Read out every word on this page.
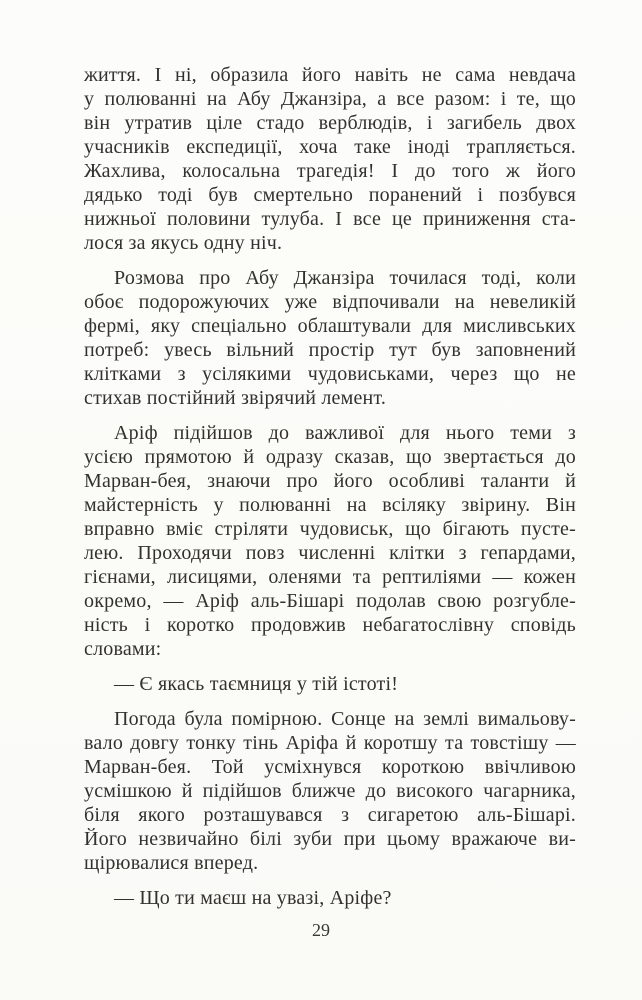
життя. І ні, образила його навіть не сама невдача
у полюванні на Абу Джанзіра, а все разом: і те, що
він утратив ціле стадо верблюдів, і загибель двох
учасників експедиції, хоча таке іноді трапляється.
Жахлива, колосальна трагедія! І до того ж його
дядько тоді був смертельно поранений і позбувся
нижньої половини тулуба. І все це приниження ста-
лося за якусь одну ніч.
Розмова про Абу Джанзіра точилася тоді, коли
обоє подорожуючих уже відпочивали на невеликій
фермі, яку спеціально облаштували для мисливських
потреб: увесь вільний простір тут був заповнений
клітками з усілякими чудовиськами, через що не
стихав постійний звірячий лемент.
Аріф підійшов до важливої для нього теми з
усією прямотою й одразу сказав, що звертається до
Марван-бея, знаючи про його особливі таланти й
майстерність у полюванні на всіляку звірину. Він
вправно вміє стріляти чудовиськ, що бігають пусте-
лею. Проходячи повз численні клітки з гепардами,
гієнами, лисицями, оленями та рептиліями — кожен
окремо, — Аріф аль-Бішарі подолав свою розгубле-
ність і коротко продовжив небагатослівну сповідь
словами:
— Є якась таємниця у тій істоті!
Погода була помірною. Сонце на землі вимальову-
вало довгу тонку тінь Аріфа й коротшу та товстішу —
Марван-бея. Той усміхнувся короткою ввічливою
усмішкою й підійшов ближче до високого чагарника,
біля якого розташувався з сигаретою аль-Бішарі.
Його незвичайно білі зуби при цьому вражаюче ви-
щірювалися вперед.
— Що ти маєш на увазі, Аріфе?
29
